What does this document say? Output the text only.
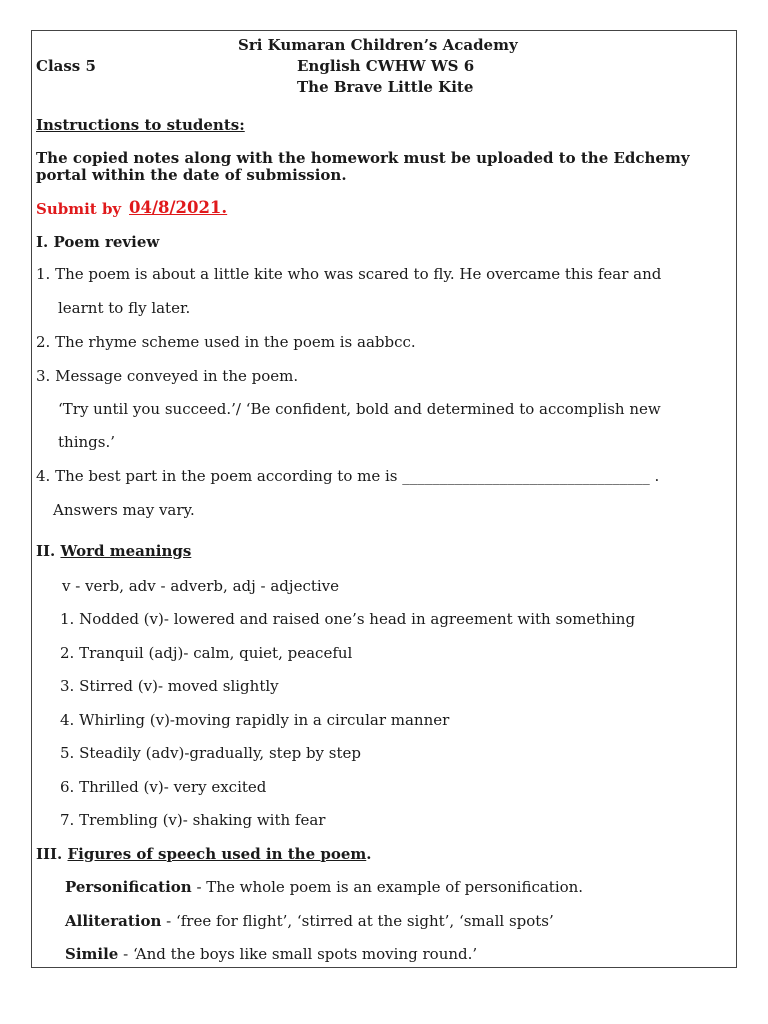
Sri Kumaran Children’s Academy
Class 5	English CWHW WS 6
The Brave Little Kite
Instructions to students:
The copied notes along with the homework must be uploaded to the Edchemy
portal within the date of submission.
Submit by 04/8/2021.
I. Poem review
1. The poem is about a little kite who was scared to fly. He overcame this fear and
learnt to fly later.
2. The rhyme scheme used in the poem is aabbcc.
3. Message conveyed in the poem.
‘Try until you succeed.’/ ‘Be confident, bold and determined to accomplish new
things.’
4. The best part in the poem according to me is _________________________________ .
Answers may vary.
II. Word meanings
v - verb, adv - adverb, adj - adjective
1. Nodded (v)- lowered and raised one’s head in agreement with something
2. Tranquil (adj)- calm, quiet, peaceful
3. Stirred (v)- moved slightly
4. Whirling (v)-moving rapidly in a circular manner
5. Steadily (adv)-gradually, step by step
6. Thrilled (v)- very excited
7. Trembling (v)- shaking with fear
III. Figures of speech used in the poem.
Personification - The whole poem is an example of personification.
Alliteration - ‘free for flight’, ‘stirred at the sight’, ‘small spots’
Simile - ‘And the boys like small spots moving round.’
